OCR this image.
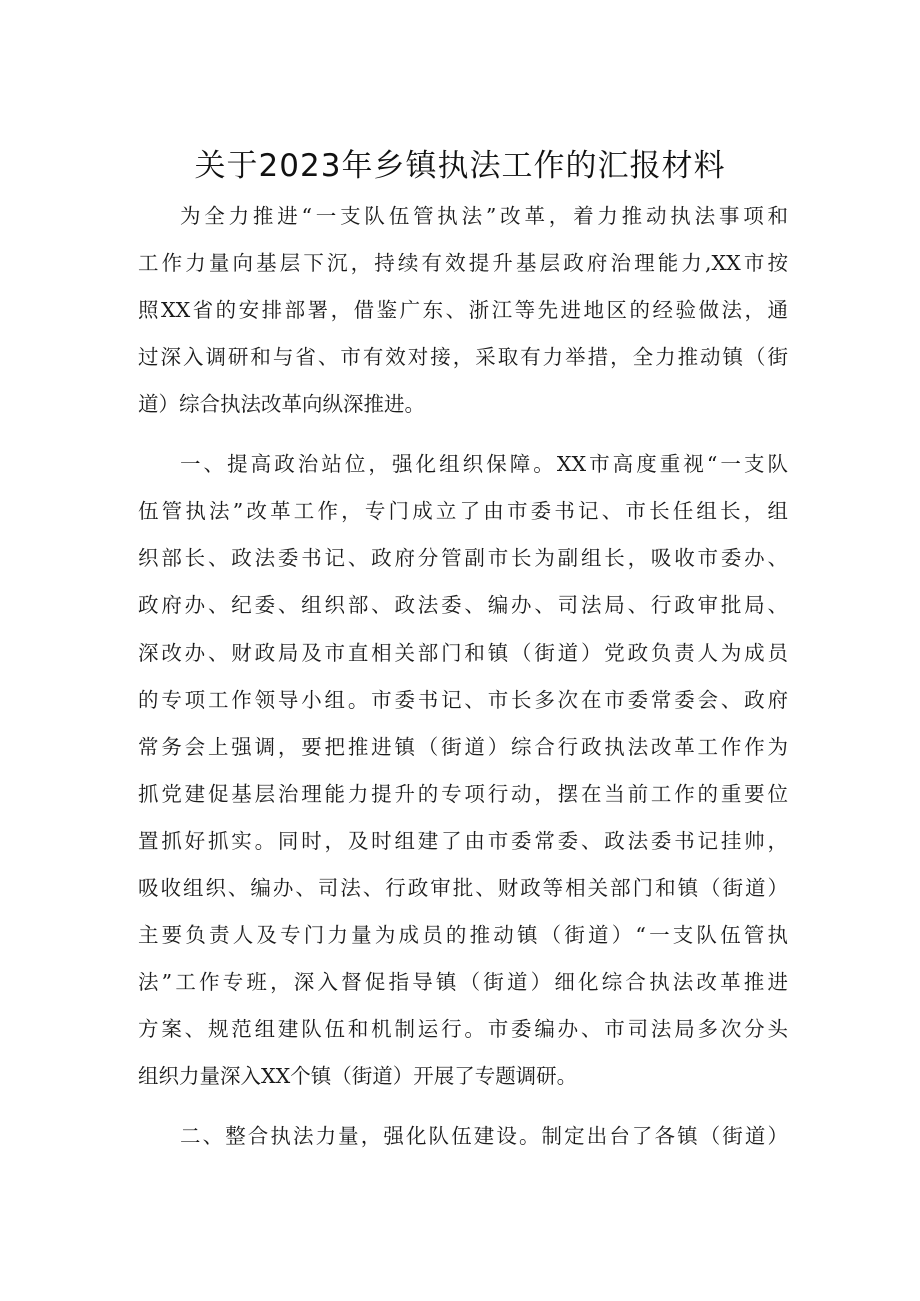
关于2023年乡镇执法工作的汇报材料
为全力推进“一支队伍管执法”改革，着力推动执法事项和
工作力量向基层下沉，持续有效提升基层政府治理能力,XX市按
照XX省的安排部署，借鉴广东、浙江等先进地区的经验做法，通
过深入调研和与省、市有效对接，采取有力举措，全力推动镇（街
道）综合执法改革向纵深推进。
一、提高政治站位，强化组织保障。XX市高度重视“一支队
伍管执法”改革工作，专门成立了由市委书记、市长任组长，组
织部长、政法委书记、政府分管副市长为副组长，吸收市委办、
政府办、纪委、组织部、政法委、编办、司法局、行政审批局、
深改办、财政局及市直相关部门和镇（街道）党政负责人为成员
的专项工作领导小组。市委书记、市长多次在市委常委会、政府
常务会上强调，要把推进镇（街道）综合行政执法改革工作作为
抓党建促基层治理能力提升的专项行动，摆在当前工作的重要位
置抓好抓实。同时，及时组建了由市委常委、政法委书记挂帅，
吸收组织、编办、司法、行政审批、财政等相关部门和镇（街道）
主要负责人及专门力量为成员的推动镇（街道）“一支队伍管执
法”工作专班，深入督促指导镇（街道）细化综合执法改革推进
方案、规范组建队伍和机制运行。市委编办、市司法局多次分头
组织力量深入XX个镇（街道）开展了专题调研。
二、整合执法力量，强化队伍建设。制定出台了各镇（街道）
